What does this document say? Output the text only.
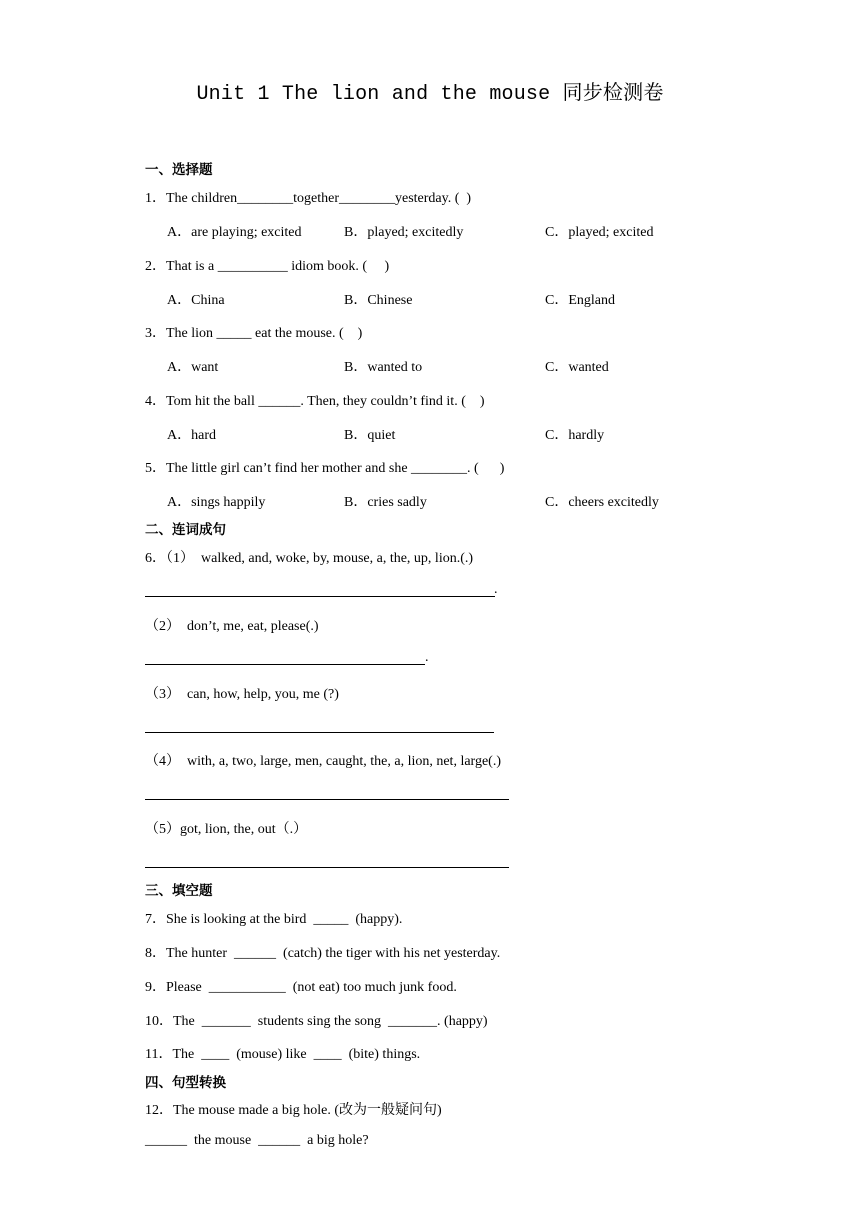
Unit 1 The lion and the mouse 同步检测卷
一、选择题
1．The children________together________yesterday. (  )
A．are playing; excited	B．played; excitedly	C．played; excited
2．That is a __________ idiom book. (     )
A．China	B．Chinese	C．England
3．The lion _____ eat the mouse. (    )
A．want	B．wanted to	C．wanted
4．Tom hit the ball ______. Then, they couldn’t find it. (    )
A．hard	B．quiet	C．hardly
5．The little girl can’t find her mother and she ________. (      )
A．sings happily	B．cries sadly	C．cheers excitedly
二、连词成句
6．（1）  walked, and, woke, by, mouse, a, the, up, lion.(.)
.
（2）  don’t, me, eat, please(.)
.
（3）  can, how, help, you, me (?)
（4）  with, a, two, large, men, caught, the, a, lion, net, large(.)
（5）got, lion, the, out（.）
三、填空题
7．She is looking at the bird  _____  (happy).
8．The hunter  ______  (catch) the tiger with his net yesterday.
9．Please  ___________  (not eat) too much junk food.
10．The  _______  students sing the song  _______. (happy)
11．The  ____  (mouse) like  ____  (bite) things.
四、句型转换
12．The mouse made a big hole. (改为一般疑问句)
______  the mouse  ______  a big hole?
